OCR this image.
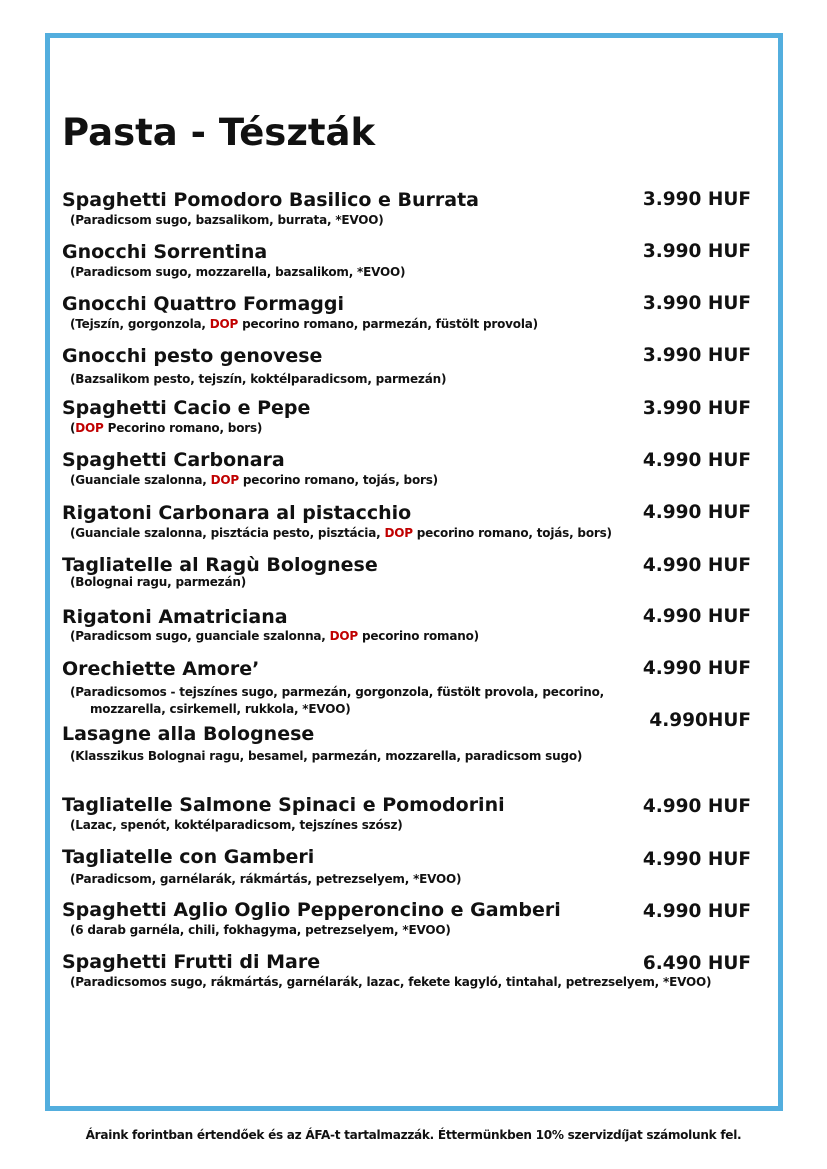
Pasta - Tészták
Spaghetti Pomodoro Basilico e Burrata
(Paradicsom sugo, bazsalikom, burrata, *EVOO)
3.990 HUF
Gnocchi Sorrentina
(Paradicsom sugo, mozzarella, bazsalikom, *EVOO)
3.990 HUF
Gnocchi Quattro Formaggi
(Tejszín, gorgonzola, DOP pecorino romano, parmezán, füstölt provola)
3.990 HUF
Gnocchi pesto genovese
(Bazsalikom pesto, tejszín, koktélparadicsom, parmezán)
3.990 HUF
Spaghetti Cacio e Pepe
(DOP Pecorino romano, bors)
3.990 HUF
Spaghetti Carbonara
(Guanciale szalonna, DOP pecorino romano, tojás, bors)
4.990 HUF
Rigatoni Carbonara al pistacchio
(Guanciale szalonna, pisztácia pesto, pisztácia, DOP pecorino romano, tojás, bors)
4.990 HUF
Tagliatelle al Ragù Bolognese
(Bolognai ragu, parmezán)
4.990 HUF
Rigatoni Amatriciana
(Paradicsom sugo, guanciale szalonna, DOP pecorino romano)
4.990 HUF
Orechiette Amore’
(Paradicsomos - tejszínes sugo, parmezán, gorgonzola, füstölt provola, pecorino,
mozzarella, csirkemell, rukkola, *EVOO)
4.990 HUF
Lasagne alla Bolognese
(Klasszikus Bolognai ragu, besamel, parmezán, mozzarella, paradicsom sugo)
4.990HUF
Tagliatelle Salmone Spinaci e Pomodorini
(Lazac, spenót, koktélparadicsom, tejszínes szósz)
4.990 HUF
Tagliatelle con Gamberi
(Paradicsom, garnélarák, rákmártás, petrezselyem, *EVOO)
4.990 HUF
Spaghetti Aglio Oglio Pepperoncino e Gamberi
(6 darab garnéla, chili, fokhagyma, petrezselyem, *EVOO)
4.990 HUF
Spaghetti Frutti di Mare
(Paradicsomos sugo, rákmártás, garnélarák, lazac, fekete kagyló, tintahal, petrezselyem, *EVOO)
6.490 HUF
Áraink forintban értendőek és az ÁFA-t tartalmazzák. Éttermünkben 10% szervizdíjat számolunk fel.
